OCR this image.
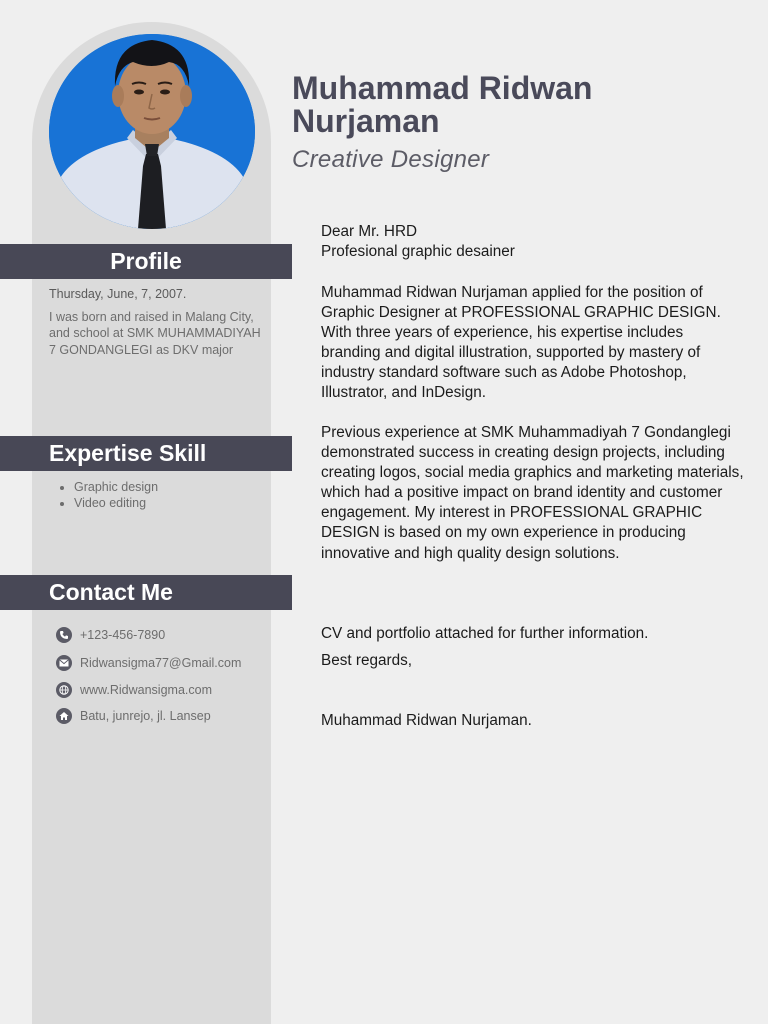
Muhammad Ridwan Nurjaman
Creative Designer
Profile
Thursday, June, 7, 2007.
I was born and raised in Malang City, and school at SMK MUHAMMADIYAH 7 GONDANGLEGI as DKV major
Expertise Skill
• Graphic design
• Video editing
Contact Me
+123-456-7890
Ridwansigma77@Gmail.com
www.Ridwansigma.com
Batu, junrejo, jl. Lansep

Dear Mr. HRD

Profesional graphic desainer

Muhammad Ridwan Nurjaman applied for the position of Graphic Designer at PROFESSIONAL GRAPHIC DESIGN. With three years of experience, his expertise includes branding and digital illustration, supported by mastery of industry standard software such as Adobe Photoshop, Illustrator, and InDesign.
Previous experience at SMK Muhammadiyah 7 Gondanglegi demonstrated success in creating design projects, including creating logos, social media graphics and marketing materials, which had a positive impact on brand identity and customer engagement. My interest in PROFESSIONAL GRAPHIC DESIGN is based on my own experience in producing innovative and high quality design solutions.
CV and portfolio attached for further information.
Best regards,
Muhammad Ridwan Nurjaman.
